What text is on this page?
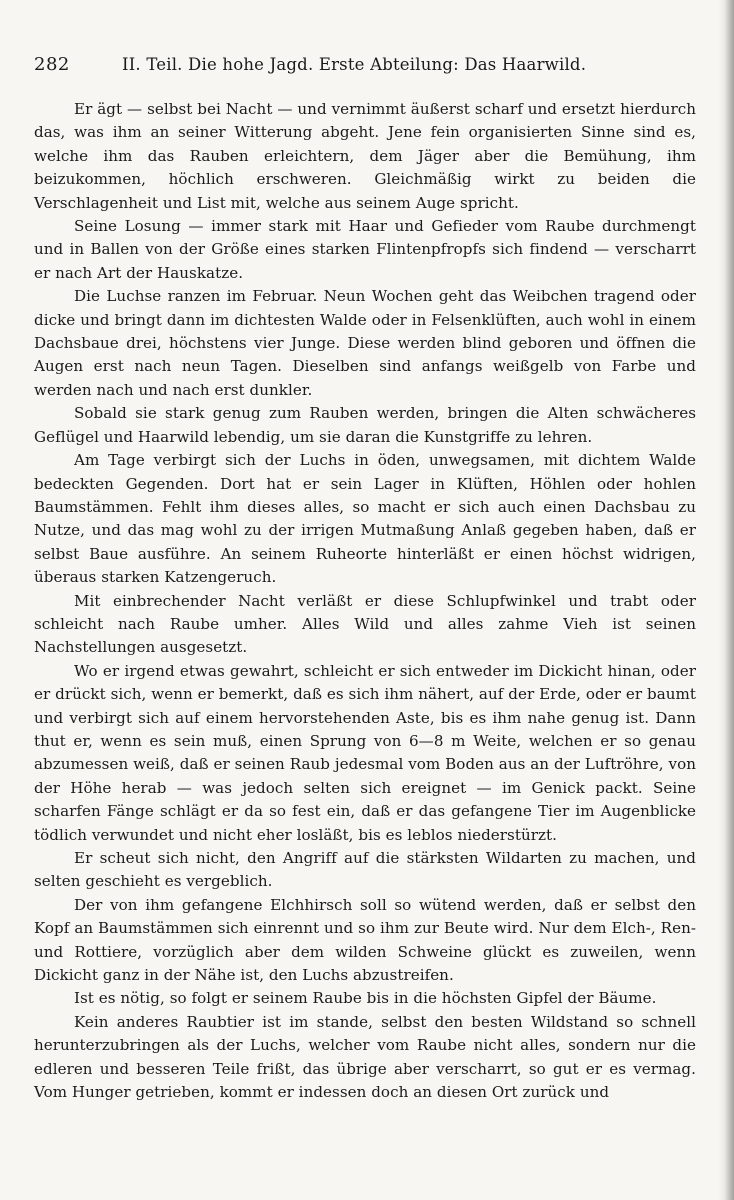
282	II. Teil. Die hohe Jagd. Erste Abteilung: Das Haarwild.

Er ägt — selbst bei Nacht — und vernimmt äußerst scharf und ersetzt hierdurch das, was ihm an seiner Witterung abgeht. Jene fein organisierten Sinne sind es, welche ihm das Rauben erleichtern, dem Jäger aber die Bemühung, ihm beizukommen, höchlich erschweren. Gleichmäßig wirkt zu beiden die Verschlagenheit und List mit, welche aus seinem Auge spricht.

Seine Losung — immer stark mit Haar und Gefieder vom Raube durchmengt und in Ballen von der Größe eines starken Flintenpfropfs sich findend — verscharrt er nach Art der Hauskatze.

Die Luchse ranzen im Februar. Neun Wochen geht das Weibchen tragend oder dicke und bringt dann im dichtesten Walde oder in Felsenklüften, auch wohl in einem Dachsbaue drei, höchstens vier Junge. Diese werden blind geboren und öffnen die Augen erst nach neun Tagen. Dieselben sind anfangs weißgelb von Farbe und werden nach und nach erst dunkler.

Sobald sie stark genug zum Rauben werden, bringen die Alten schwächeres Geflügel und Haarwild lebendig, um sie daran die Kunstgriffe zu lehren.

Am Tage verbirgt sich der Luchs in öden, unwegsamen, mit dichtem Walde bedeckten Gegenden. Dort hat er sein Lager in Klüften, Höhlen oder hohlen Baumstämmen. Fehlt ihm dieses alles, so macht er sich auch einen Dachsbau zu Nutze, und das mag wohl zu der irrigen Mutmaßung Anlaß gegeben haben, daß er selbst Baue ausführe. An seinem Ruheorte hinterläßt er einen höchst widrigen, überaus starken Katzengeruch.

Mit einbrechender Nacht verläßt er diese Schlupfwinkel und trabt oder schleicht nach Raube umher. Alles Wild und alles zahme Vieh ist seinen Nachstellungen ausgesetzt.

Wo er irgend etwas gewahrt, schleicht er sich entweder im Dickicht hinan, oder er drückt sich, wenn er bemerkt, daß es sich ihm nähert, auf der Erde, oder er baumt und verbirgt sich auf einem hervorstehenden Aste, bis es ihm nahe genug ist. Dann thut er, wenn es sein muß, einen Sprung von 6—8 m Weite, welchen er so genau abzumessen weiß, daß er seinen Raub jedesmal vom Boden aus an der Luftröhre, von der Höhe herab — was jedoch selten sich ereignet — im Genick packt. Seine scharfen Fänge schlägt er da so fest ein, daß er das gefangene Tier im Augenblicke tödlich verwundet und nicht eher losläßt, bis es leblos niederstürzt.

Er scheut sich nicht, den Angriff auf die stärksten Wildarten zu machen, und selten geschieht es vergeblich.

Der von ihm gefangene Elchhirsch soll so wütend werden, daß er selbst den Kopf an Baumstämmen sich einrennt und so ihm zur Beute wird. Nur dem Elch-, Ren- und Rottiere, vorzüglich aber dem wilden Schweine glückt es zuweilen, wenn Dickicht ganz in der Nähe ist, den Luchs abzustreifen.

Ist es nötig, so folgt er seinem Raube bis in die höchsten Gipfel der Bäume.

Kein anderes Raubtier ist im stande, selbst den besten Wildstand so schnell herunterzubringen als der Luchs, welcher vom Raube nicht alles, sondern nur die edleren und besseren Teile frißt, das übrige aber verscharrt, so gut er es vermag. Vom Hunger getrieben, kommt er indessen doch an diesen Ort zurück und
